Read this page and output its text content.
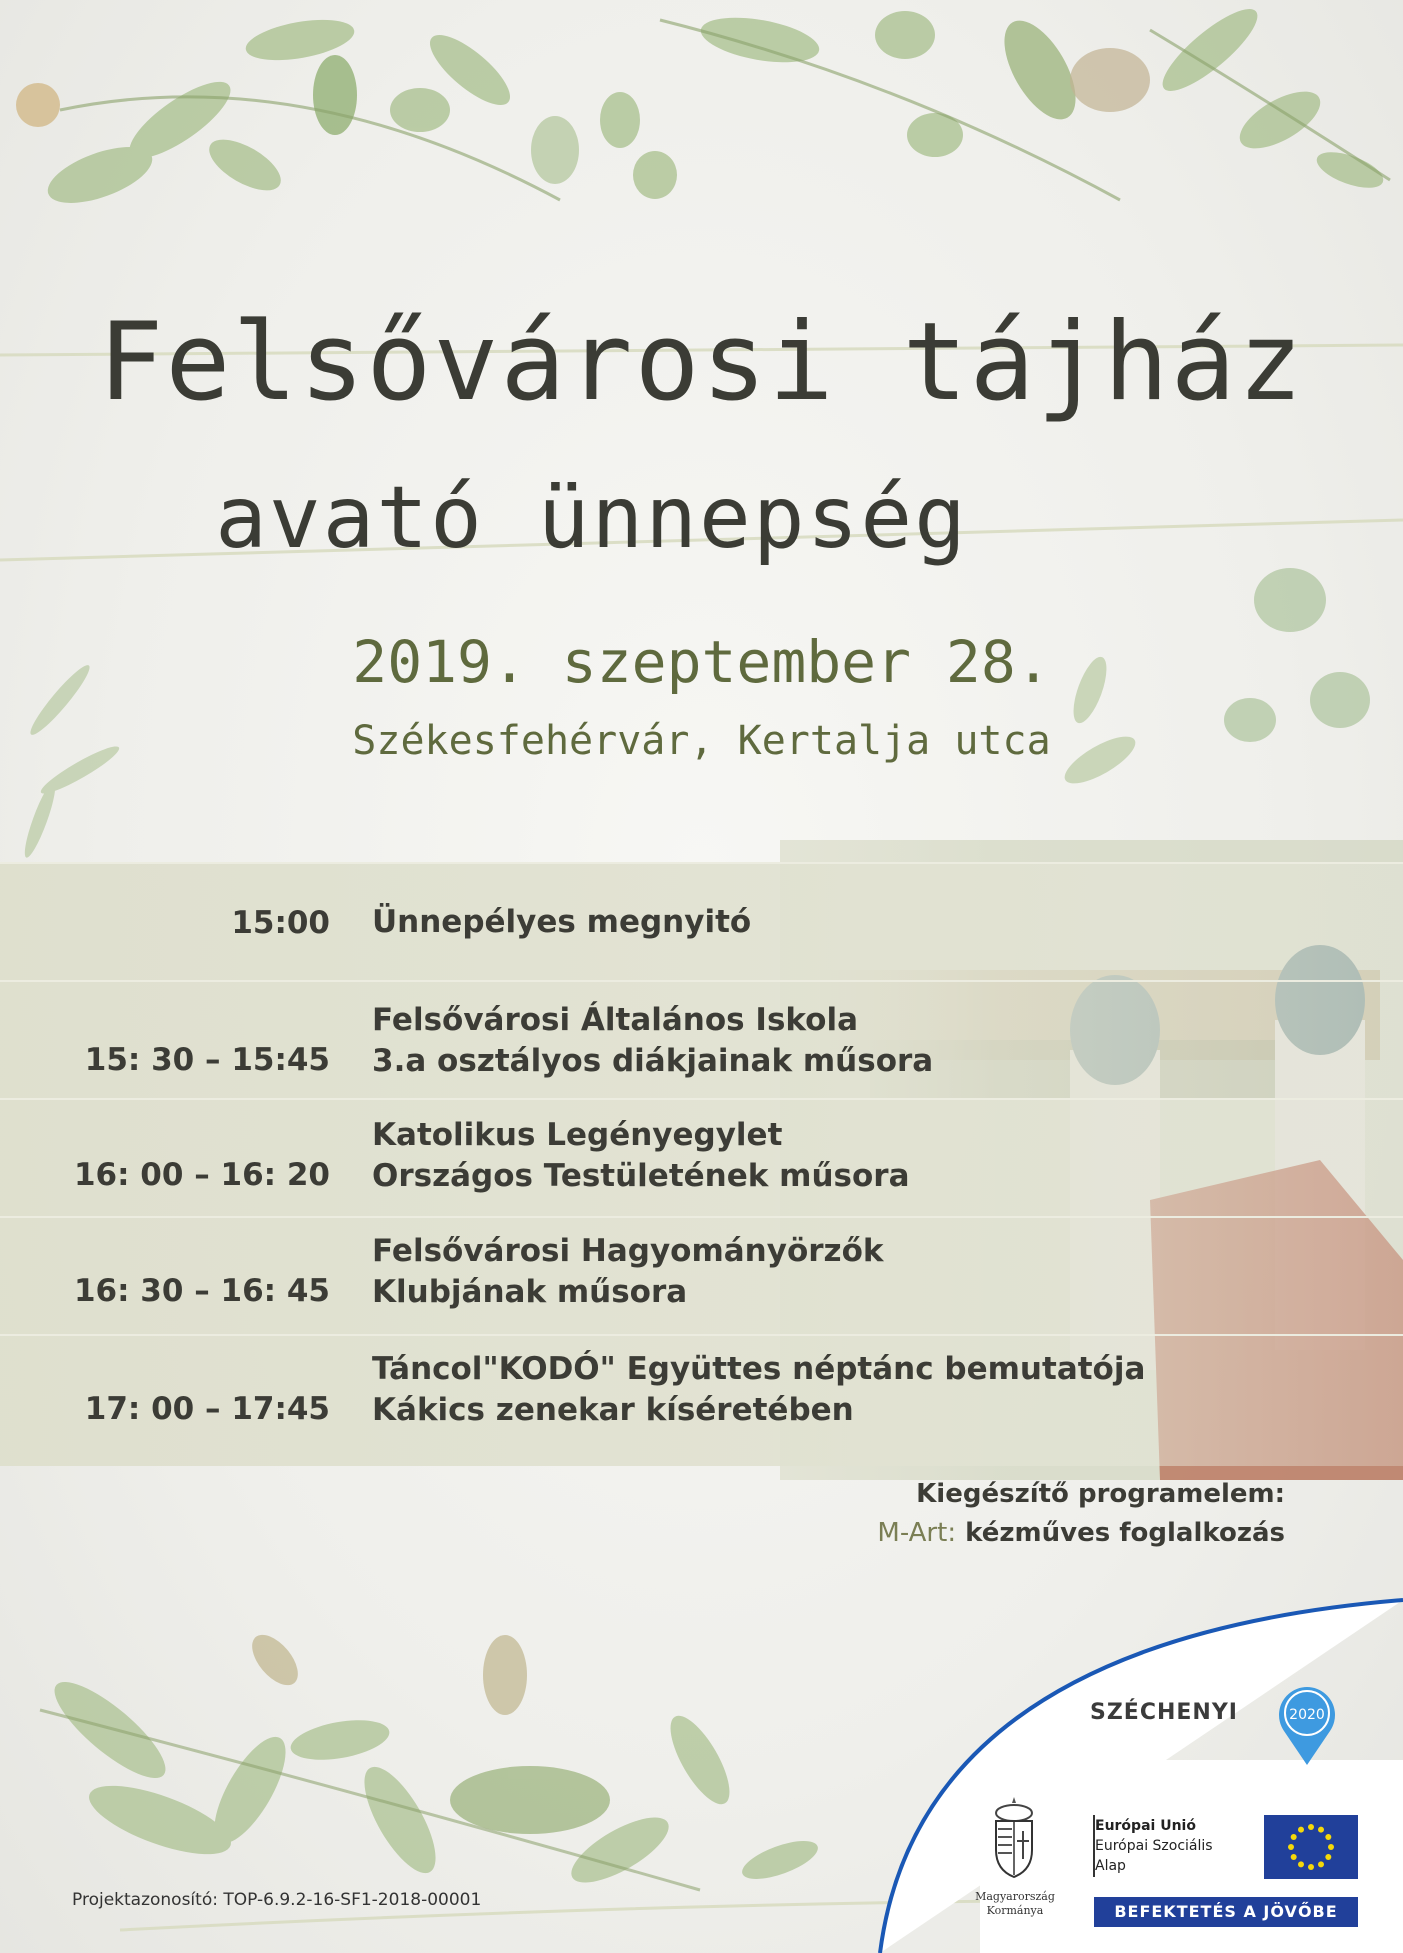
Felsővárosi tájház
avató ünnepség
2019. szeptember 28.
Székesfehérvár, Kertalja utca
15:00 Ünnepélyes megnyitó
15: 30 – 15:45
Felsővárosi Általános Iskola
3.a osztályos diákjainak műsora
16: 00 – 16: 20
Katolikus Legényegylet
Országos Testületének műsora
16: 30 – 16: 45
Felsővárosi Hagyományörzők
Klubjának műsora
17: 00 – 17:45
Táncol"KODÓ" Együttes néptánc bemutatója
Kákics zenekar kíséretében
Kiegészítő programelem:
M-Art: kézműves foglalkozás
SZÉCHENYI	2020
Magyarország
Kormánya
Európai Unió
Európai Szociális
Alap
BEFEKTETÉS A JÖVŐBE
Projektazonosító: TOP-6.9.2-16-SF1-2018-00001
